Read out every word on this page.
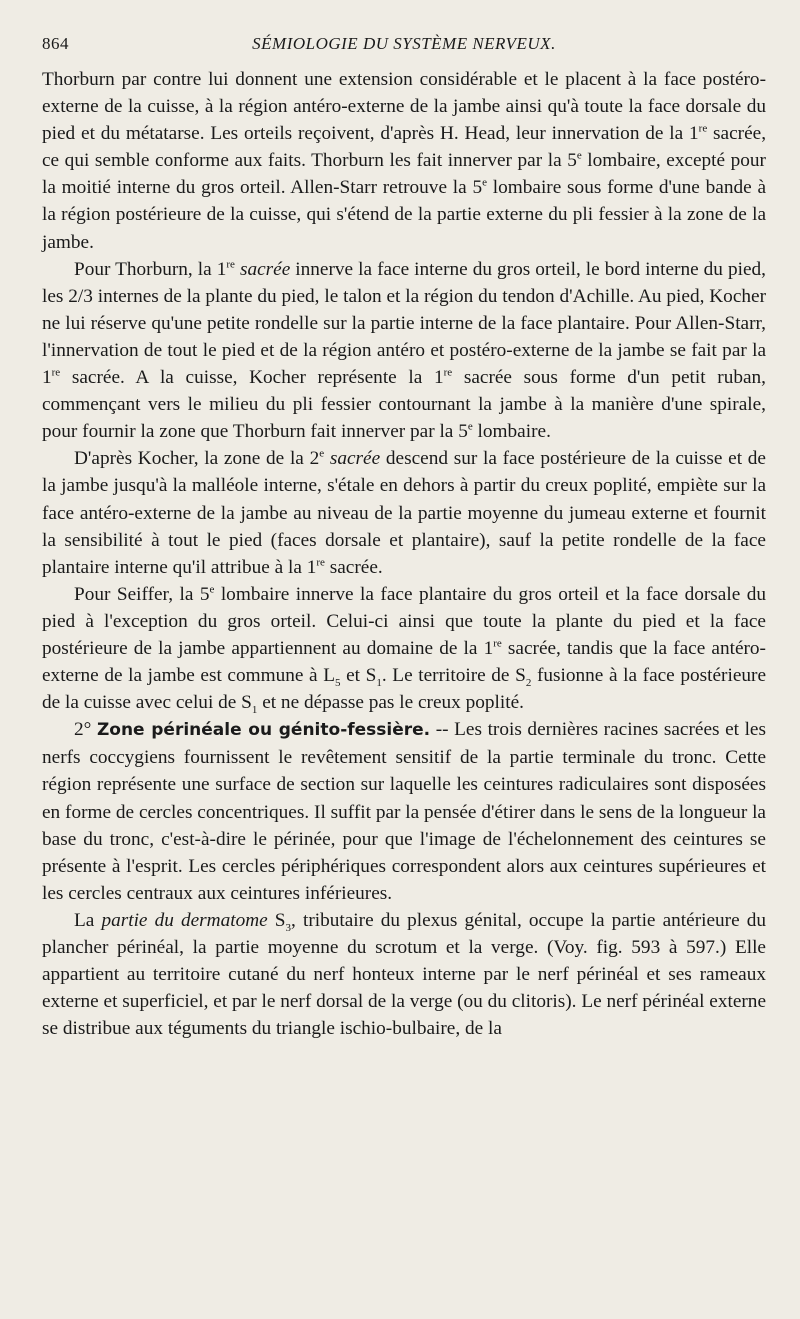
864	SÉMIOLOGIE DU SYSTÈME NERVEUX.

Thorburn par contre lui donnent une extension considérable et le placent à la face postéro-externe de la cuisse, à la région antéro-externe de la jambe ainsi qu'à toute la face dorsale du pied et du métatarse. Les orteils reçoivent, d'après H. Head, leur innervation de la 1re sacrée, ce qui semble conforme aux faits. Thorburn les fait innerver par la 5e lombaire, excepté pour la moitié interne du gros orteil. Allen-Starr retrouve la 5e lombaire sous forme d'une bande à la région postérieure de la cuisse, qui s'étend de la partie externe du pli fessier à la zone de la jambe.

Pour Thorburn, la 1re sacrée innerve la face interne du gros orteil, le bord interne du pied, les 2/3 internes de la plante du pied, le talon et la région du tendon d'Achille. Au pied, Kocher ne lui réserve qu'une petite rondelle sur la partie interne de la face plantaire. Pour Allen-Starr, l'innervation de tout le pied et de la région antéro et postéro-externe de la jambe se fait par la 1re sacrée. A la cuisse, Kocher représente la 1re sacrée sous forme d'un petit ruban, commençant vers le milieu du pli fessier contournant la jambe à la manière d'une spirale, pour fournir la zone que Thorburn fait innerver par la 5e lombaire.

D'après Kocher, la zone de la 2e sacrée descend sur la face postérieure de la cuisse et de la jambe jusqu'à la malléole interne, s'étale en dehors à partir du creux poplité, empiète sur la face antéro-externe de la jambe au niveau de la partie moyenne du jumeau externe et fournit la sensibilité à tout le pied (faces dorsale et plantaire), sauf la petite rondelle de la face plantaire interne qu'il attribue à la 1re sacrée.

Pour Seiffer, la 5e lombaire innerve la face plantaire du gros orteil et la face dorsale du pied à l'exception du gros orteil. Celui-ci ainsi que toute la plante du pied et la face postérieure de la jambe appartiennent au domaine de la 1re sacrée, tandis que la face antéro-externe de la jambe est commune à $L_5$ et $S_1$. Le territoire de $S_2$ fusionne à la face postérieure de la cuisse avec celui de $S_1$ et ne dépasse pas le creux poplité.

2° Zone périnéale ou génito-fessière. -- Les trois dernières racines sacrées et les nerfs coccygiens fournissent le revêtement sensitif de la partie terminale du tronc. Cette région représente une surface de section sur laquelle les ceintures radiculaires sont disposées en forme de cercles concentriques. Il suffit par la pensée d'étirer dans le sens de la longueur la base du tronc, c'est-à-dire le périnée, pour que l'image de l'échelonnement des ceintures se présente à l'esprit. Les cercles périphériques correspondent alors aux ceintures supérieures et les cercles centraux aux ceintures inférieures.

La partie du dermatome $S_3$, tributaire du plexus génital, occupe la partie antérieure du plancher périnéal, la partie moyenne du scrotum et la verge. (Voy. fig. 593 à 597.) Elle appartient au territoire cutané du nerf honteux interne par le nerf périnéal et ses rameaux externe et superficiel, et par le nerf dorsal de la verge (ou du clitoris). Le nerf périnéal externe se distribue aux téguments du triangle ischio-bulbaire, de la
